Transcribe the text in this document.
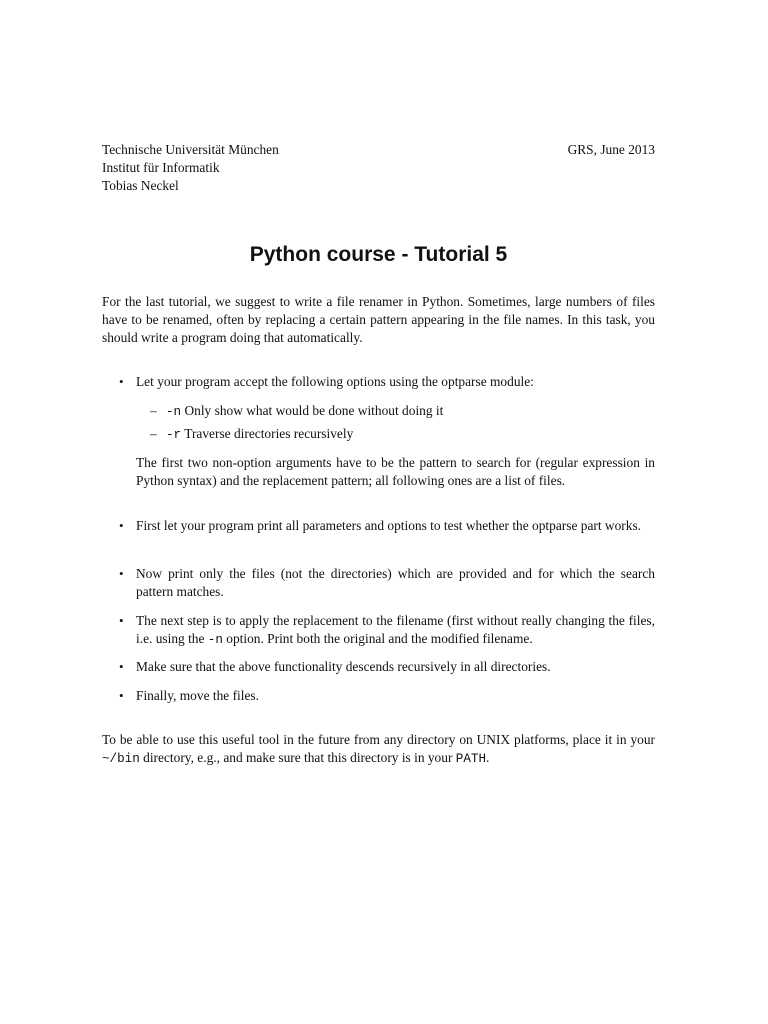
Technische Universität München
Institut für Informatik
Tobias Neckel
GRS, June 2013
Python course - Tutorial 5
For the last tutorial, we suggest to write a file renamer in Python. Sometimes, large numbers of files have to be renamed, often by replacing a certain pattern appearing in the file names. In this task, you should write a program doing that automatically.
• Let your program accept the following options using the optparse module:
– -n Only show what would be done without doing it
– -r Traverse directories recursively
The first two non-option arguments have to be the pattern to search for (regular expression in Python syntax) and the replacement pattern; all following ones are a list of files.
• First let your program print all parameters and options to test whether the optparse part works.
• Now print only the files (not the directories) which are provided and for which the search pattern matches.
• The next step is to apply the replacement to the filename (first without really changing the files, i.e. using the -n option. Print both the original and the modified filename.
• Make sure that the above functionality descends recursively in all directories.
• Finally, move the files.
To be able to use this useful tool in the future from any directory on UNIX platforms, place it in your ~/bin directory, e.g., and make sure that this directory is in your PATH.
